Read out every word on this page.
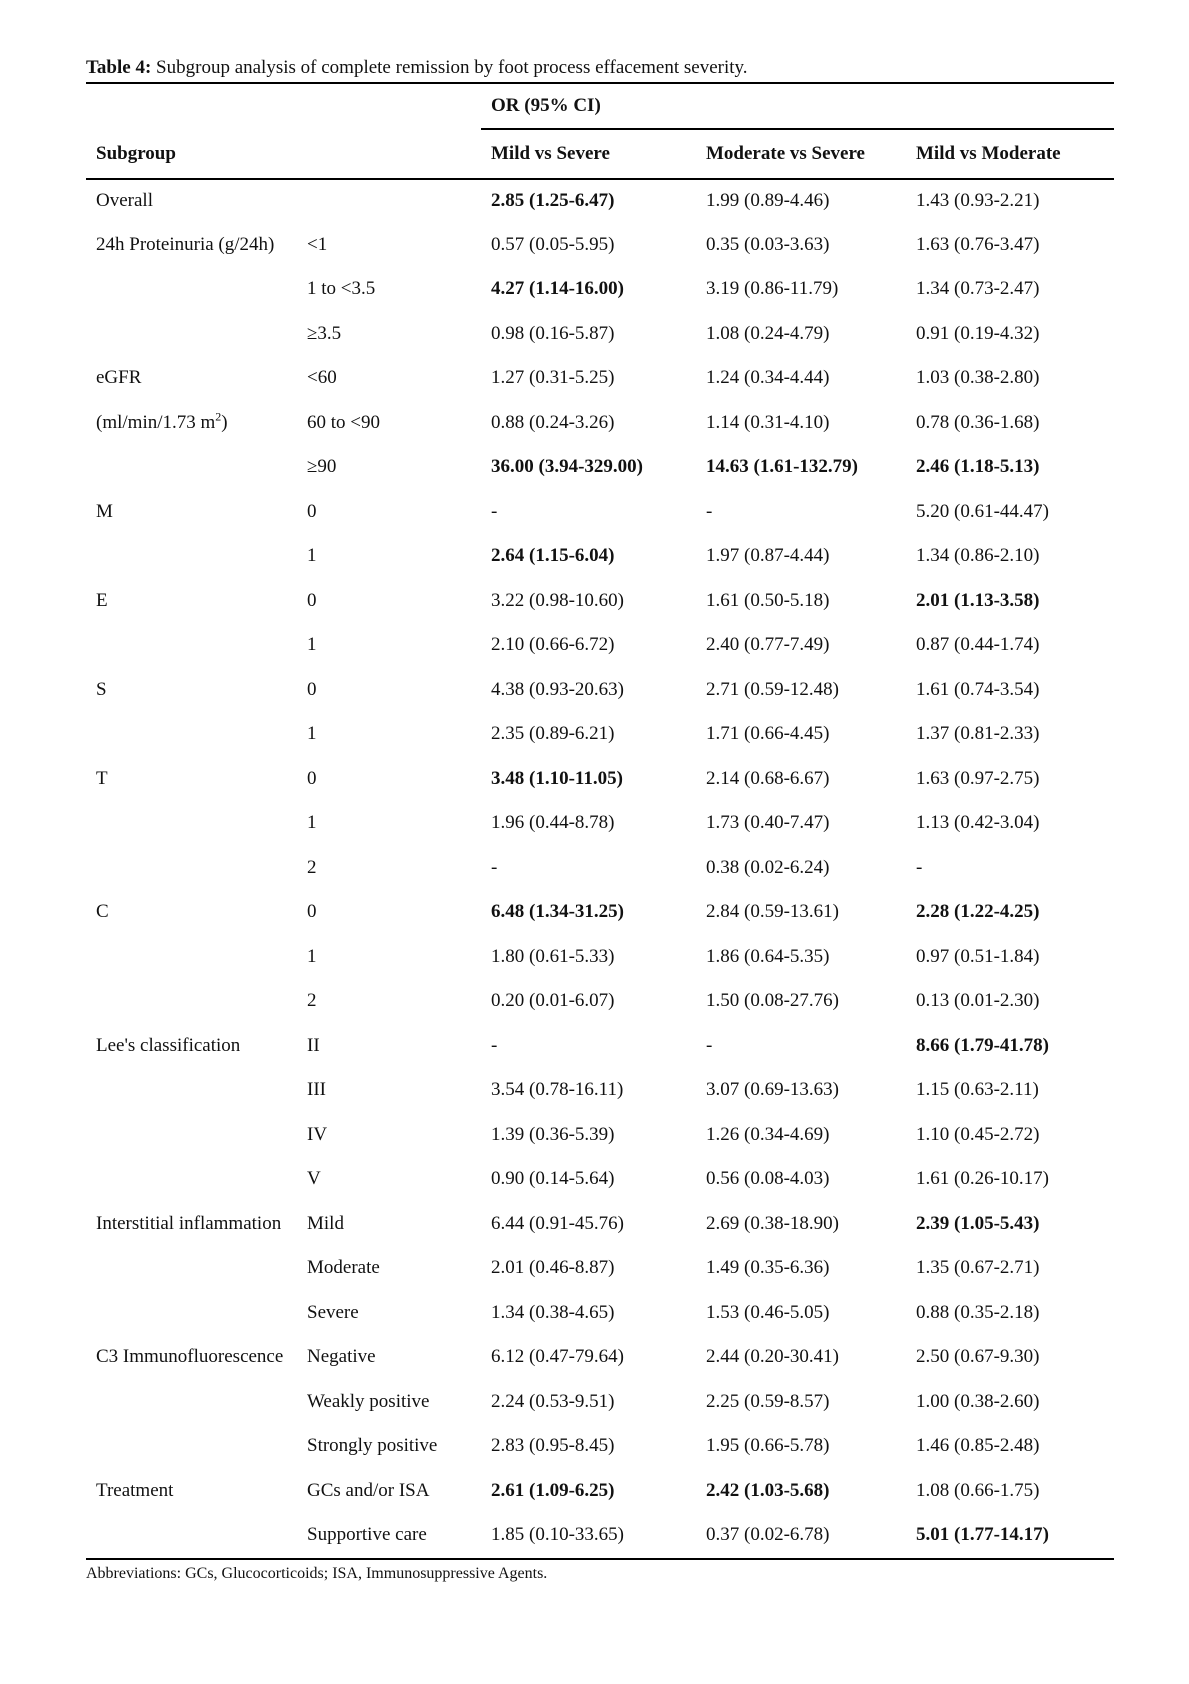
Table 4: Subgroup analysis of complete remission by foot process effacement severity.
		OR (95% CI)		
Subgroup		Mild vs Severe	Moderate vs Severe	Mild vs Moderate
Overall		2.85 (1.25-6.47)	1.99 (0.89-4.46)	1.43 (0.93-2.21)
24h Proteinuria (g/24h)	<1	0.57 (0.05-5.95)	0.35 (0.03-3.63)	1.63 (0.76-3.47)
	1 to <3.5	4.27 (1.14-16.00)	3.19 (0.86-11.79)	1.34 (0.73-2.47)
	≥3.5	0.98 (0.16-5.87)	1.08 (0.24-4.79)	0.91 (0.19-4.32)
eGFR	<60	1.27 (0.31-5.25)	1.24 (0.34-4.44)	1.03 (0.38-2.80)
(ml/min/1.73 $m^2$)	60 to <90	0.88 (0.24-3.26)	1.14 (0.31-4.10)	0.78 (0.36-1.68)
	≥90	36.00 (3.94-329.00)	14.63 (1.61-132.79)	2.46 (1.18-5.13)
M	0	-	-	5.20 (0.61-44.47)
	1	2.64 (1.15-6.04)	1.97 (0.87-4.44)	1.34 (0.86-2.10)
E	0	3.22 (0.98-10.60)	1.61 (0.50-5.18)	2.01 (1.13-3.58)
	1	2.10 (0.66-6.72)	2.40 (0.77-7.49)	0.87 (0.44-1.74)
S	0	4.38 (0.93-20.63)	2.71 (0.59-12.48)	1.61 (0.74-3.54)
	1	2.35 (0.89-6.21)	1.71 (0.66-4.45)	1.37 (0.81-2.33)
T	0	3.48 (1.10-11.05)	2.14 (0.68-6.67)	1.63 (0.97-2.75)
	1	1.96 (0.44-8.78)	1.73 (0.40-7.47)	1.13 (0.42-3.04)
	2	-	0.38 (0.02-6.24)	-
C	0	6.48 (1.34-31.25)	2.84 (0.59-13.61)	2.28 (1.22-4.25)
	1	1.80 (0.61-5.33)	1.86 (0.64-5.35)	0.97 (0.51-1.84)
	2	0.20 (0.01-6.07)	1.50 (0.08-27.76)	0.13 (0.01-2.30)
Lee's classification	II	-	-	8.66 (1.79-41.78)
	III	3.54 (0.78-16.11)	3.07 (0.69-13.63)	1.15 (0.63-2.11)
	IV	1.39 (0.36-5.39)	1.26 (0.34-4.69)	1.10 (0.45-2.72)
	V	0.90 (0.14-5.64)	0.56 (0.08-4.03)	1.61 (0.26-10.17)
Interstitial inflammation	Mild	6.44 (0.91-45.76)	2.69 (0.38-18.90)	2.39 (1.05-5.43)
	Moderate	2.01 (0.46-8.87)	1.49 (0.35-6.36)	1.35 (0.67-2.71)
	Severe	1.34 (0.38-4.65)	1.53 (0.46-5.05)	0.88 (0.35-2.18)
C3 Immunofluorescence	Negative	6.12 (0.47-79.64)	2.44 (0.20-30.41)	2.50 (0.67-9.30)
	Weakly positive	2.24 (0.53-9.51)	2.25 (0.59-8.57)	1.00 (0.38-2.60)
	Strongly positive	2.83 (0.95-8.45)	1.95 (0.66-5.78)	1.46 (0.85-2.48)
Treatment	GCs and/or ISA	2.61 (1.09-6.25)	2.42 (1.03-5.68)	1.08 (0.66-1.75)
	Supportive care	1.85 (0.10-33.65)	0.37 (0.02-6.78)	5.01 (1.77-14.17)
Abbreviations: GCs, Glucocorticoids; ISA, Immunosuppressive Agents.
